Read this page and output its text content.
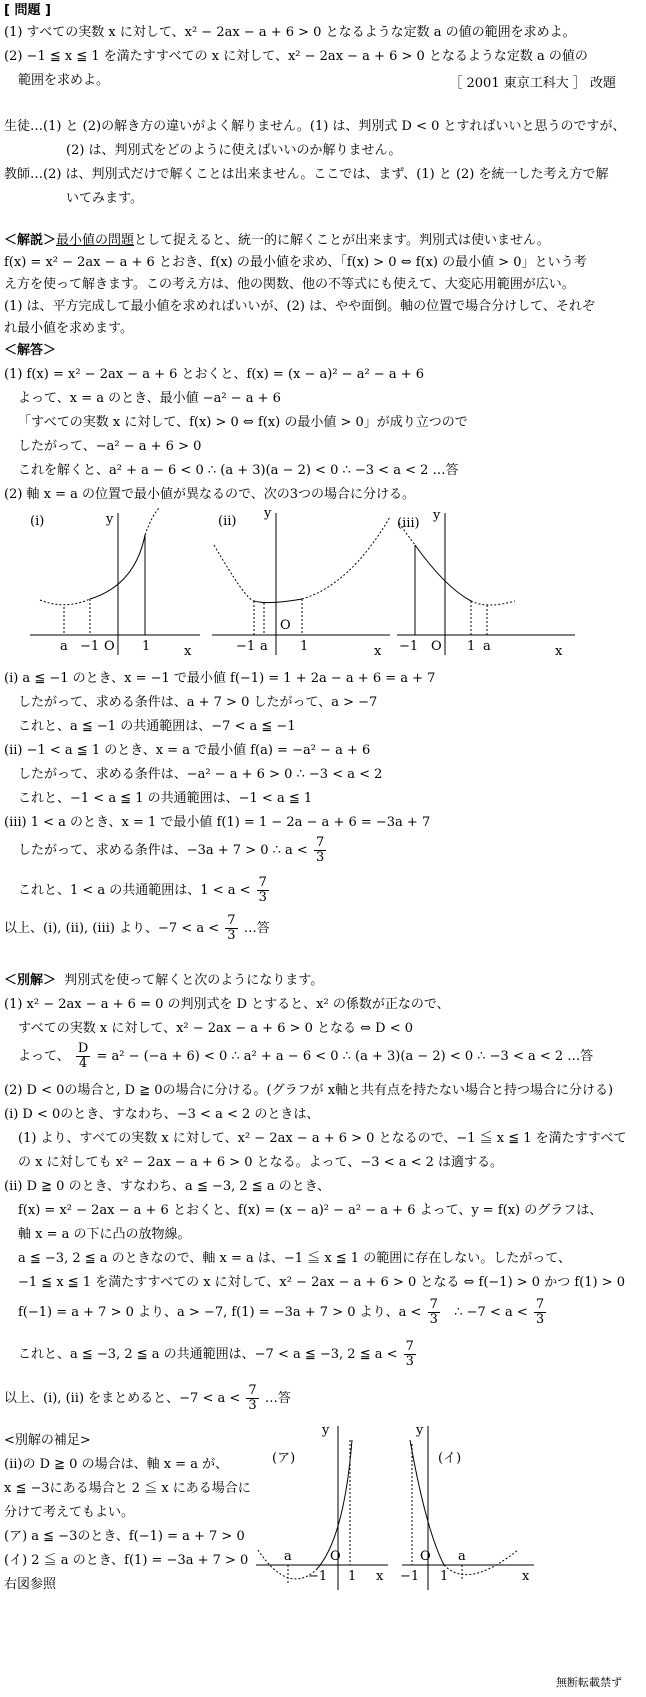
[ 問題 ]
(1) すべての実数 x に対して、x² − 2ax − a + 6 > 0 となるような定数 a の値の範囲を求めよ。
(2) −1 ≦ x ≦ 1 を満たすすべての x に対して、x² − 2ax − a + 6 > 0 となるような定数 a の値の
範囲を求めよ。	［ 2001 東京工科大 ］ 改題
生徒…(1) と (2)の解き方の違いがよく解りません。(1) は、判別式 D < 0 とすればいいと思うのですが、
(2) は、判別式をどのように使えばいいのか解りません。
教師…(2) は、判別式だけで解くことは出来ません。ここでは、まず、(1) と (2) を統一した考え方で解
いてみます。
＜解説＞最小値の問題として捉えると、統一的に解くことが出来ます。判別式は使いません。
f(x) = x² − 2ax − a + 6 とおき、f(x) の最小値を求め、「f(x) > 0 ⇔ f(x) の最小値 > 0」という考
え方を使って解きます。この考え方は、他の関数、他の不等式にも使えて、大変応用範囲が広い。
(1) は、平方完成して最小値を求めればいいが、(2) は、やや面倒。軸の位置で場合分けして、それぞ
れ最小値を求めます。
＜解答＞
(1) f(x) = x² − 2ax − a + 6 とおくと、f(x) = (x − a)² − a² − a + 6
よって、x = a のとき、最小値 −a² − a + 6
「すべての実数 x に対して、f(x) > 0 ⇔ f(x) の最小値 > 0」が成り立つので
したがって、−a² − a + 6 > 0
これを解くと、a² + a − 6 < 0 ∴ (a + 3)(a − 2) < 0 ∴ −3 < a < 2 …答
(2) 軸 x = a の位置で最小値が異なるので、次の3つの場合に分ける。
(ⅰ)	y
x
a −1 O 1
(ⅱ)
y
x
−1 a
O
1
(ⅲ)
y
x
−1 O 1 a
(ⅰ) a ≦ −1 のとき、x = −1 で最小値 f(−1) = 1 + 2a − a + 6 = a + 7
したがって、求める条件は、a + 7 > 0 したがって、a > −7
これと、a ≦ −1 の共通範囲は、−7 < a ≦ −1
(ⅱ) −1 < a ≦ 1 のとき、x = a で最小値 f(a) = −a² − a + 6
したがって、求める条件は、−a² − a + 6 > 0 ∴ −3 < a < 2
これと、−1 < a ≦ 1 の共通範囲は、−1 < a ≦ 1
(ⅲ) 1 < a のとき、x = 1 で最小値 f(1) = 1 − 2a − a + 6 = −3a + 7
したがって、求める条件は、−3a + 7 > 0 ∴ $a < \frac{7}{3}$
これと、1 < a の共通範囲は、$1 < a < \frac{7}{3}$
以上、(ⅰ), (ⅱ), (ⅲ) より、$-7 < a < \frac{7}{3}$ …答
＜別解＞ 判別式を使って解くと次のようになります。
(1) x² − 2ax − a + 6 = 0 の判別式を D とすると、x² の係数が正なので、
すべての実数 x に対して、x² − 2ax − a + 6 > 0 となる ⇔ D < 0
よって、 $\frac{D}{4} = a^2 - (-a + 6) < 0$ ∴ a² + a − 6 < 0 ∴ (a + 3)(a − 2) < 0 ∴ −3 < a < 2 …答
(2) D < 0の場合と, D ≧ 0の場合に分ける。(グラフが x軸と共有点を持たない場合と持つ場合に分ける)
(ⅰ) D < 0のとき、すなわち、−3 < a < 2 のときは、
(1) より、すべての実数 x に対して、x² − 2ax − a + 6 > 0 となるので、−1 ≦ x ≦ 1 を満たすすべて
の x に対しても x² − 2ax − a + 6 > 0 となる。よって、−3 < a < 2 は適する。
(ⅱ) D ≧ 0 のとき、すなわち、a ≦ −3, 2 ≦ a のとき、
f(x) = x² − 2ax − a + 6 とおくと、f(x) = (x − a)² − a² − a + 6 よって、y = f(x) のグラフは、
軸 x = a の下に凸の放物線。
a ≦ −3, 2 ≦ a のときなので、軸 x = a は、−1 ≦ x ≦ 1 の範囲に存在しない。したがって、
−1 ≦ x ≦ 1 を満たすすべての x に対して、x² − 2ax − a + 6 > 0 となる ⇔ f(−1) > 0 かつ f(1) > 0
f(−1) = a + 7 > 0 より、a > −7, f(1) = −3a + 7 > 0 より、$a < \frac{7}{3}$ ∴ $-7 < a < \frac{7}{3}$
これと、a ≦ −3, 2 ≦ a の共通範囲は、−7 < a ≦ −3, 2 ≦ $a < \frac{7}{3}$
以上、(ⅰ), (ⅱ) をまとめると、$-7 < a < \frac{7}{3}$ …答
<別解の補足>
(ⅱ)の D ≧ 0 の場合は、軸 x = a が、
x ≦ −3にある場合と 2 ≦ x にある場合に
分けて考えてもよい。
(ア) a ≦ −3のとき、f(−1) = a + 7 > 0
(イ) 2 ≦ a のとき、f(1) = −3a + 7 > 0
右図参照
(ア)
y
x
a
−1
O
1
(イ)
y
x
−1
O
1
a
無断転載禁ず
